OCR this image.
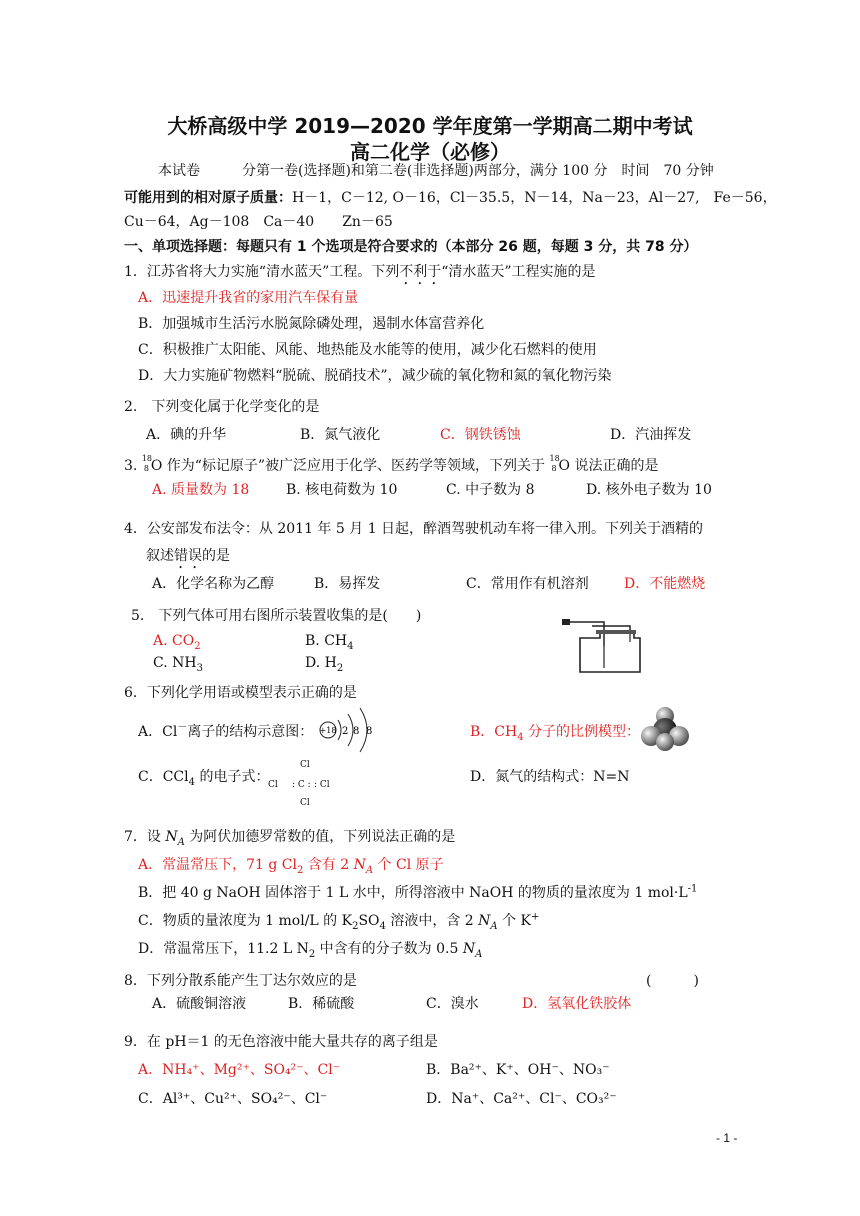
大桥高级中学 2019—2020 学年度第一学期高二期中考试
高二化学（必修）
本试卷　　　分第一卷(选择题)和第二卷(非选择题)两部分，满分 100 分　时间　70 分钟
可能用到的相对原子质量：H－1，C－12, O－16，Cl－35.5，N－14，Na－23，Al－27,　Fe－56，
Cu－64，Ag－108　Ca－40　　Zn－65
一、单项选择题：每题只有 1 个选项是符合要求的（本部分 26 题，每题 3 分，共 78 分）
1．江苏省将大力实施“清水蓝天”工程。下列不利于“清水蓝天”工程实施的是
A．迅速提升我省的家用汽车保有量
B．加强城市生活污水脱氮除磷处理，遏制水体富营养化
C．积极推广太阳能、风能、地热能及水能等的使用，减少化石燃料的使用
D．大力实施矿物燃料“脱硫、脱硝技术”，减少硫的氧化物和氮的氧化物污染
2.　下列变化属于化学变化的是
A．碘的升华	B．氮气液化	C．钢铁锈蚀	D．汽油挥发
3. 18
8 O 作为“标记原子”被广泛应用于化学、医药学等领域，下列关于 18
8 O 说法正确的是
A. 质量数为 18	B. 核电荷数为 10	C. 中子数为 8	D. 核外电子数为 10
4．公安部发布法令：从 2011 年 5 月 1 日起，醉酒驾驶机动车将一律入刑。下列关于酒精的
叙述错误的是
A．化学名称为乙醇	B．易挥发	C．常用作有机溶剂	D．不能燃烧
5.　下列气体可用右图所示装置收集的是(　　)
A. $CO_2$	B. $CH_4$
C. $NH_3$	D. $H_2$
6．下列化学用语或模型表示正确的是
A．Cl－离子的结构示意图： +18 2 8 8	B．$CH_4$ 分子的比例模型：
C．CCl$_4$ 的电子式：
Cl
Cl : C : : Cl
Cl
D．氮气的结构式：N=N
7．设 $N_A$ 为阿伏加德罗常数的值，下列说法正确的是
A．常温常压下，71 g $Cl_2$ 含有 2 $N_A$ 个 Cl 原子
B．把 40 g NaOH 固体溶于 1 L 水中，所得溶液中 NaOH 的物质的量浓度为 1 $mol\cdot L^{-1}$
C．物质的量浓度为 1 mol/L 的 $K_2SO_4$ 溶液中，含 2 $N_A$ 个 K+
D．常温常压下，11.2 L $N_2$ 中含有的分子数为 0.5 $N_A$
8．下列分散系能产生丁达尔效应的是	(　　　)
A．硫酸铜溶液	B．稀硫酸	C．溴水	D．氢氧化铁胶体
9．在 pH＝1 的无色溶液中能大量共存的离子组是
A．NH₄⁺、Mg²⁺、SO₄²⁻、Cl⁻	B．Ba²⁺、K⁺、OH⁻、NO₃⁻
C．Al³⁺、Cu²⁺、SO₄²⁻、Cl⁻	D．Na⁺、Ca²⁺、Cl⁻、CO₃²⁻
- 1 -
